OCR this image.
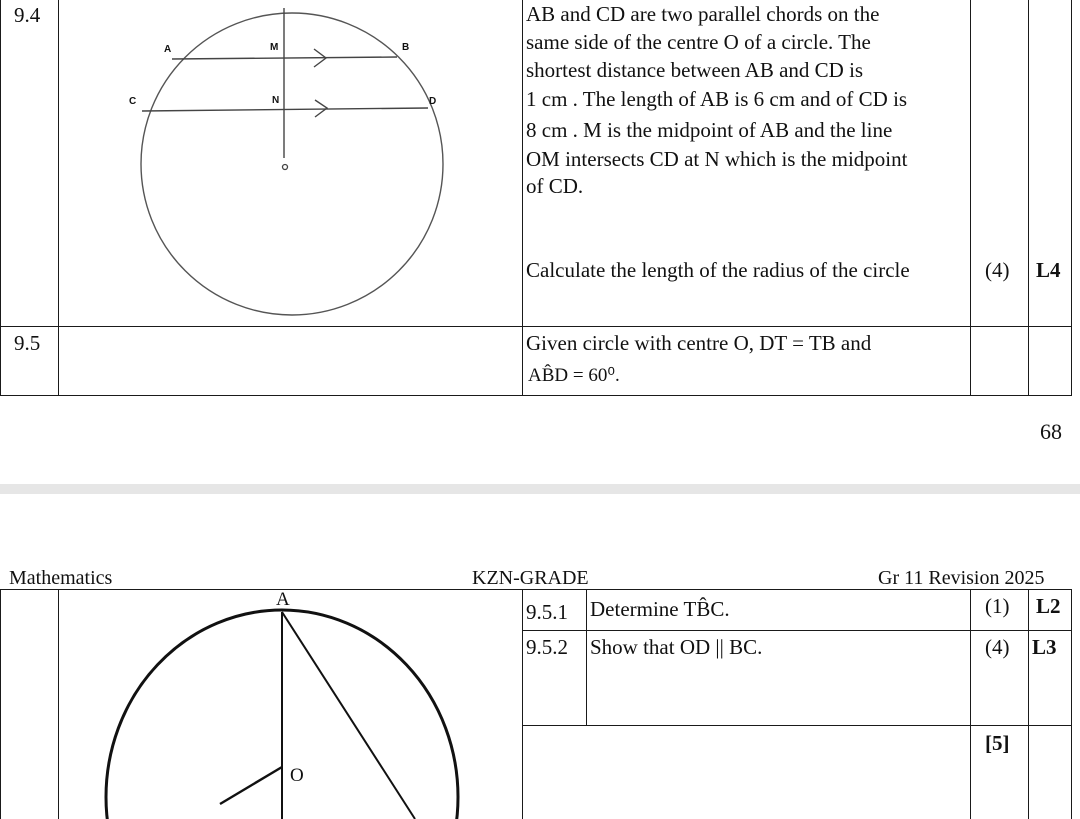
9.4
A	M	B
C	N	D
AB and CD are two parallel chords on the
same side of the centre O of a circle. The
shortest distance between AB and CD is
1 cm . The length of AB is 6 cm and of CD is
8 cm . M is the midpoint of AB and the line
OM intersects CD at N which is the midpoint
of CD.
Calculate the length of the radius of the circle	(4) L4
9.5	Given circle with centre O, DT = TB and
AB̂D = 60⁰.
68
Mathematics	KZN-GRADE	Gr 11 Revision 2025
A
O
9.5.1 Determine TB̂C.	(1) L2
9.5.2 Show that OD || BC.	(4) L3
[5]
